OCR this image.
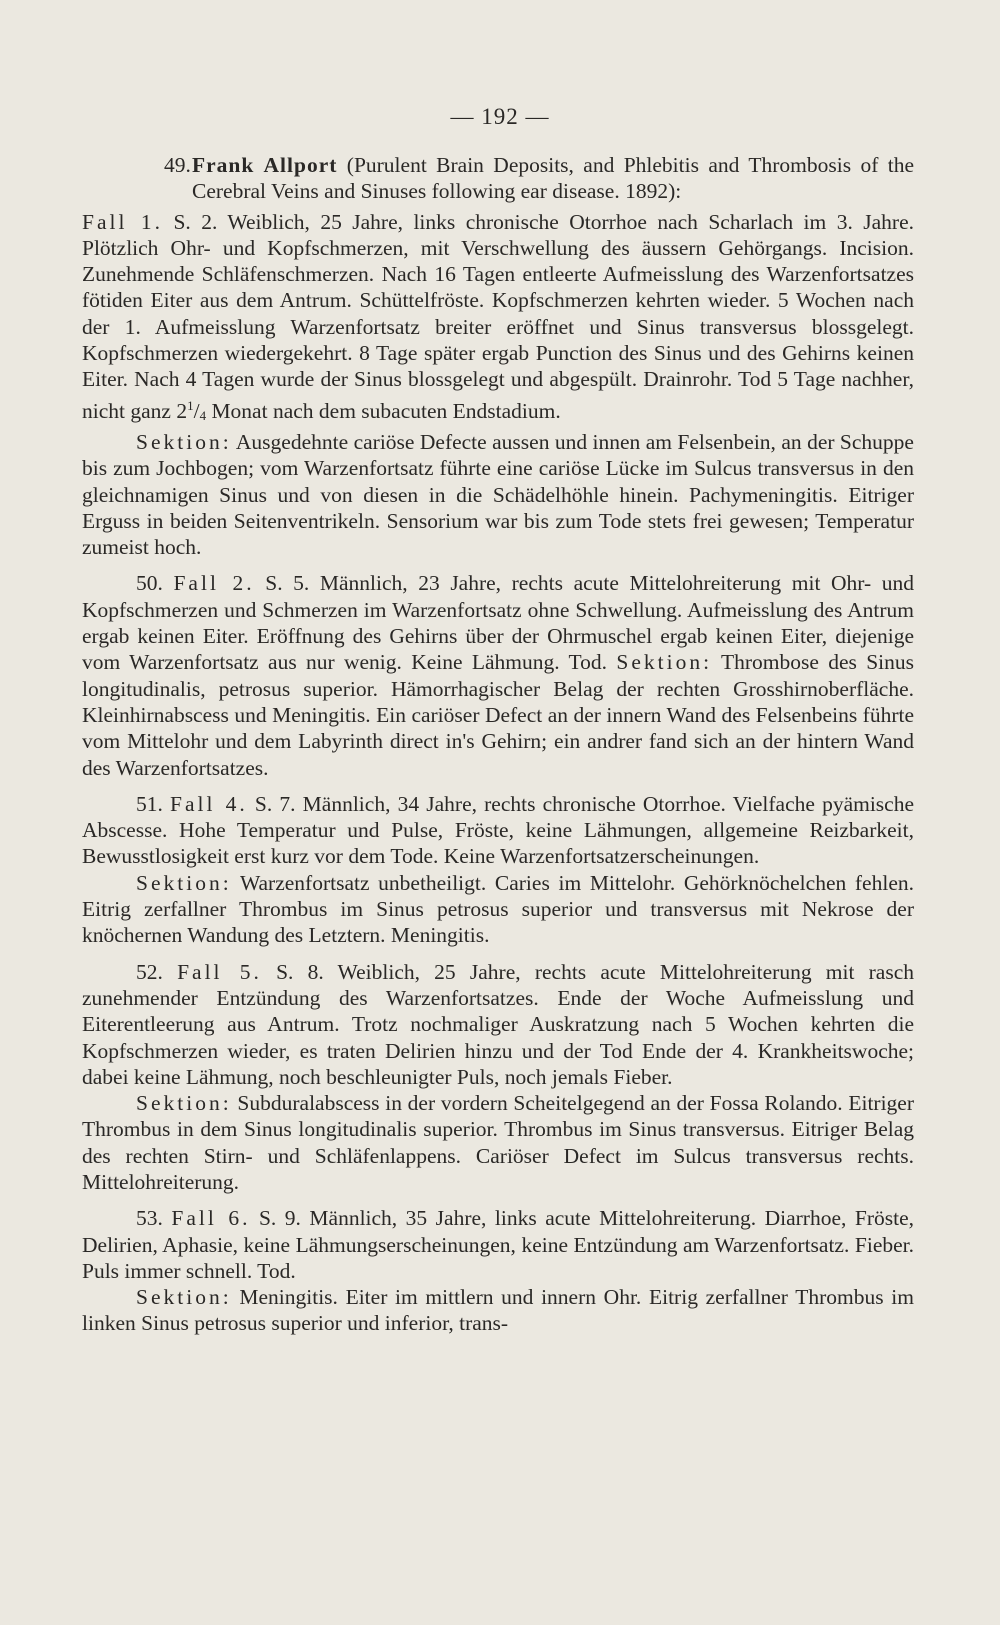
— 192 —
49. Frank Allport (Purulent Brain Deposits, and Phlebitis and Thrombosis of the Cerebral Veins and Sinuses following ear disease. 1892):

Fall 1. S. 2. Weiblich, 25 Jahre, links chronische Otorrhoe nach Scharlach im 3. Jahre. Plötzlich Ohr- und Kopfschmerzen, mit Verschwellung des äussern Gehörgangs. Incision. Zunehmende Schläfenschmerzen. Nach 16 Tagen entleerte Aufmeisslung des Warzenfortsatzes fötiden Eiter aus dem Antrum. Schüttelfröste. Kopfschmerzen kehrten wieder. 5 Wochen nach der 1. Aufmeisslung Warzenfortsatz breiter eröffnet und Sinus transversus blossgelegt. Kopfschmerzen wiedergekehrt. 8 Tage später ergab Punction des Sinus und des Gehirns keinen Eiter. Nach 4 Tagen wurde der Sinus blossgelegt und abgespült. Drainrohr. Tod 5 Tage nachher, nicht ganz $2^1/4$ Monat nach dem subacuten Endstadium.

Sektion: Ausgedehnte cariöse Defecte aussen und innen am Felsenbein, an der Schuppe bis zum Jochbogen; vom Warzenfortsatz führte eine cariöse Lücke im Sulcus transversus in den gleichnamigen Sinus und von diesen in die Schädelhöhle hinein. Pachymeningitis. Eitriger Erguss in beiden Seitenventrikeln. Sensorium war bis zum Tode stets frei gewesen; Temperatur zumeist hoch.

50. Fall 2. S. 5. Männlich, 23 Jahre, rechts acute Mittelohreiterung mit Ohr- und Kopfschmerzen und Schmerzen im Warzenfortsatz ohne Schwellung. Aufmeisslung des Antrum ergab keinen Eiter. Eröffnung des Gehirns über der Ohrmuschel ergab keinen Eiter, diejenige vom Warzenfortsatz aus nur wenig. Keine Lähmung. Tod. Sektion: Thrombose des Sinus longitudinalis, petrosus superior. Hämorrhagischer Belag der rechten Grosshirnoberfläche. Kleinhirnabscess und Meningitis. Ein cariöser Defect an der innern Wand des Felsenbeins führte vom Mittelohr und dem Labyrinth direct in's Gehirn; ein andrer fand sich an der hintern Wand des Warzenfortsatzes.

51. Fall 4. S. 7. Männlich, 34 Jahre, rechts chronische Otorrhoe. Vielfache pyämische Abscesse. Hohe Temperatur und Pulse, Fröste, keine Lähmungen, allgemeine Reizbarkeit, Bewusstlosigkeit erst kurz vor dem Tode. Keine Warzenfortsatzerscheinungen.

Sektion: Warzenfortsatz unbetheiligt. Caries im Mittelohr. Gehörknöchelchen fehlen. Eitrig zerfallner Thrombus im Sinus petrosus superior und transversus mit Nekrose der knöchernen Wandung des Letztern. Meningitis.

52. Fall 5. S. 8. Weiblich, 25 Jahre, rechts acute Mittelohreiterung mit rasch zunehmender Entzündung des Warzenfortsatzes. Ende der Woche Aufmeisslung und Eiterentleerung aus Antrum. Trotz nochmaliger Auskratzung nach 5 Wochen kehrten die Kopfschmerzen wieder, es traten Delirien hinzu und der Tod Ende der 4. Krankheitswoche; dabei keine Lähmung, noch beschleunigter Puls, noch jemals Fieber.

Sektion: Subduralabscess in der vordern Scheitelgegend an der Fossa Rolando. Eitriger Thrombus in dem Sinus longitudinalis superior. Thrombus im Sinus transversus. Eitriger Belag des rechten Stirn- und Schläfenlappens. Cariöser Defect im Sulcus transversus rechts. Mittelohreiterung.

53. Fall 6. S. 9. Männlich, 35 Jahre, links acute Mittelohreiterung. Diarrhoe, Fröste, Delirien, Aphasie, keine Lähmungserscheinungen, keine Entzündung am Warzenfortsatz. Fieber. Puls immer schnell. Tod.

Sektion: Meningitis. Eiter im mittlern und innern Ohr. Eitrig zerfallner Thrombus im linken Sinus petrosus superior und inferior, trans-
